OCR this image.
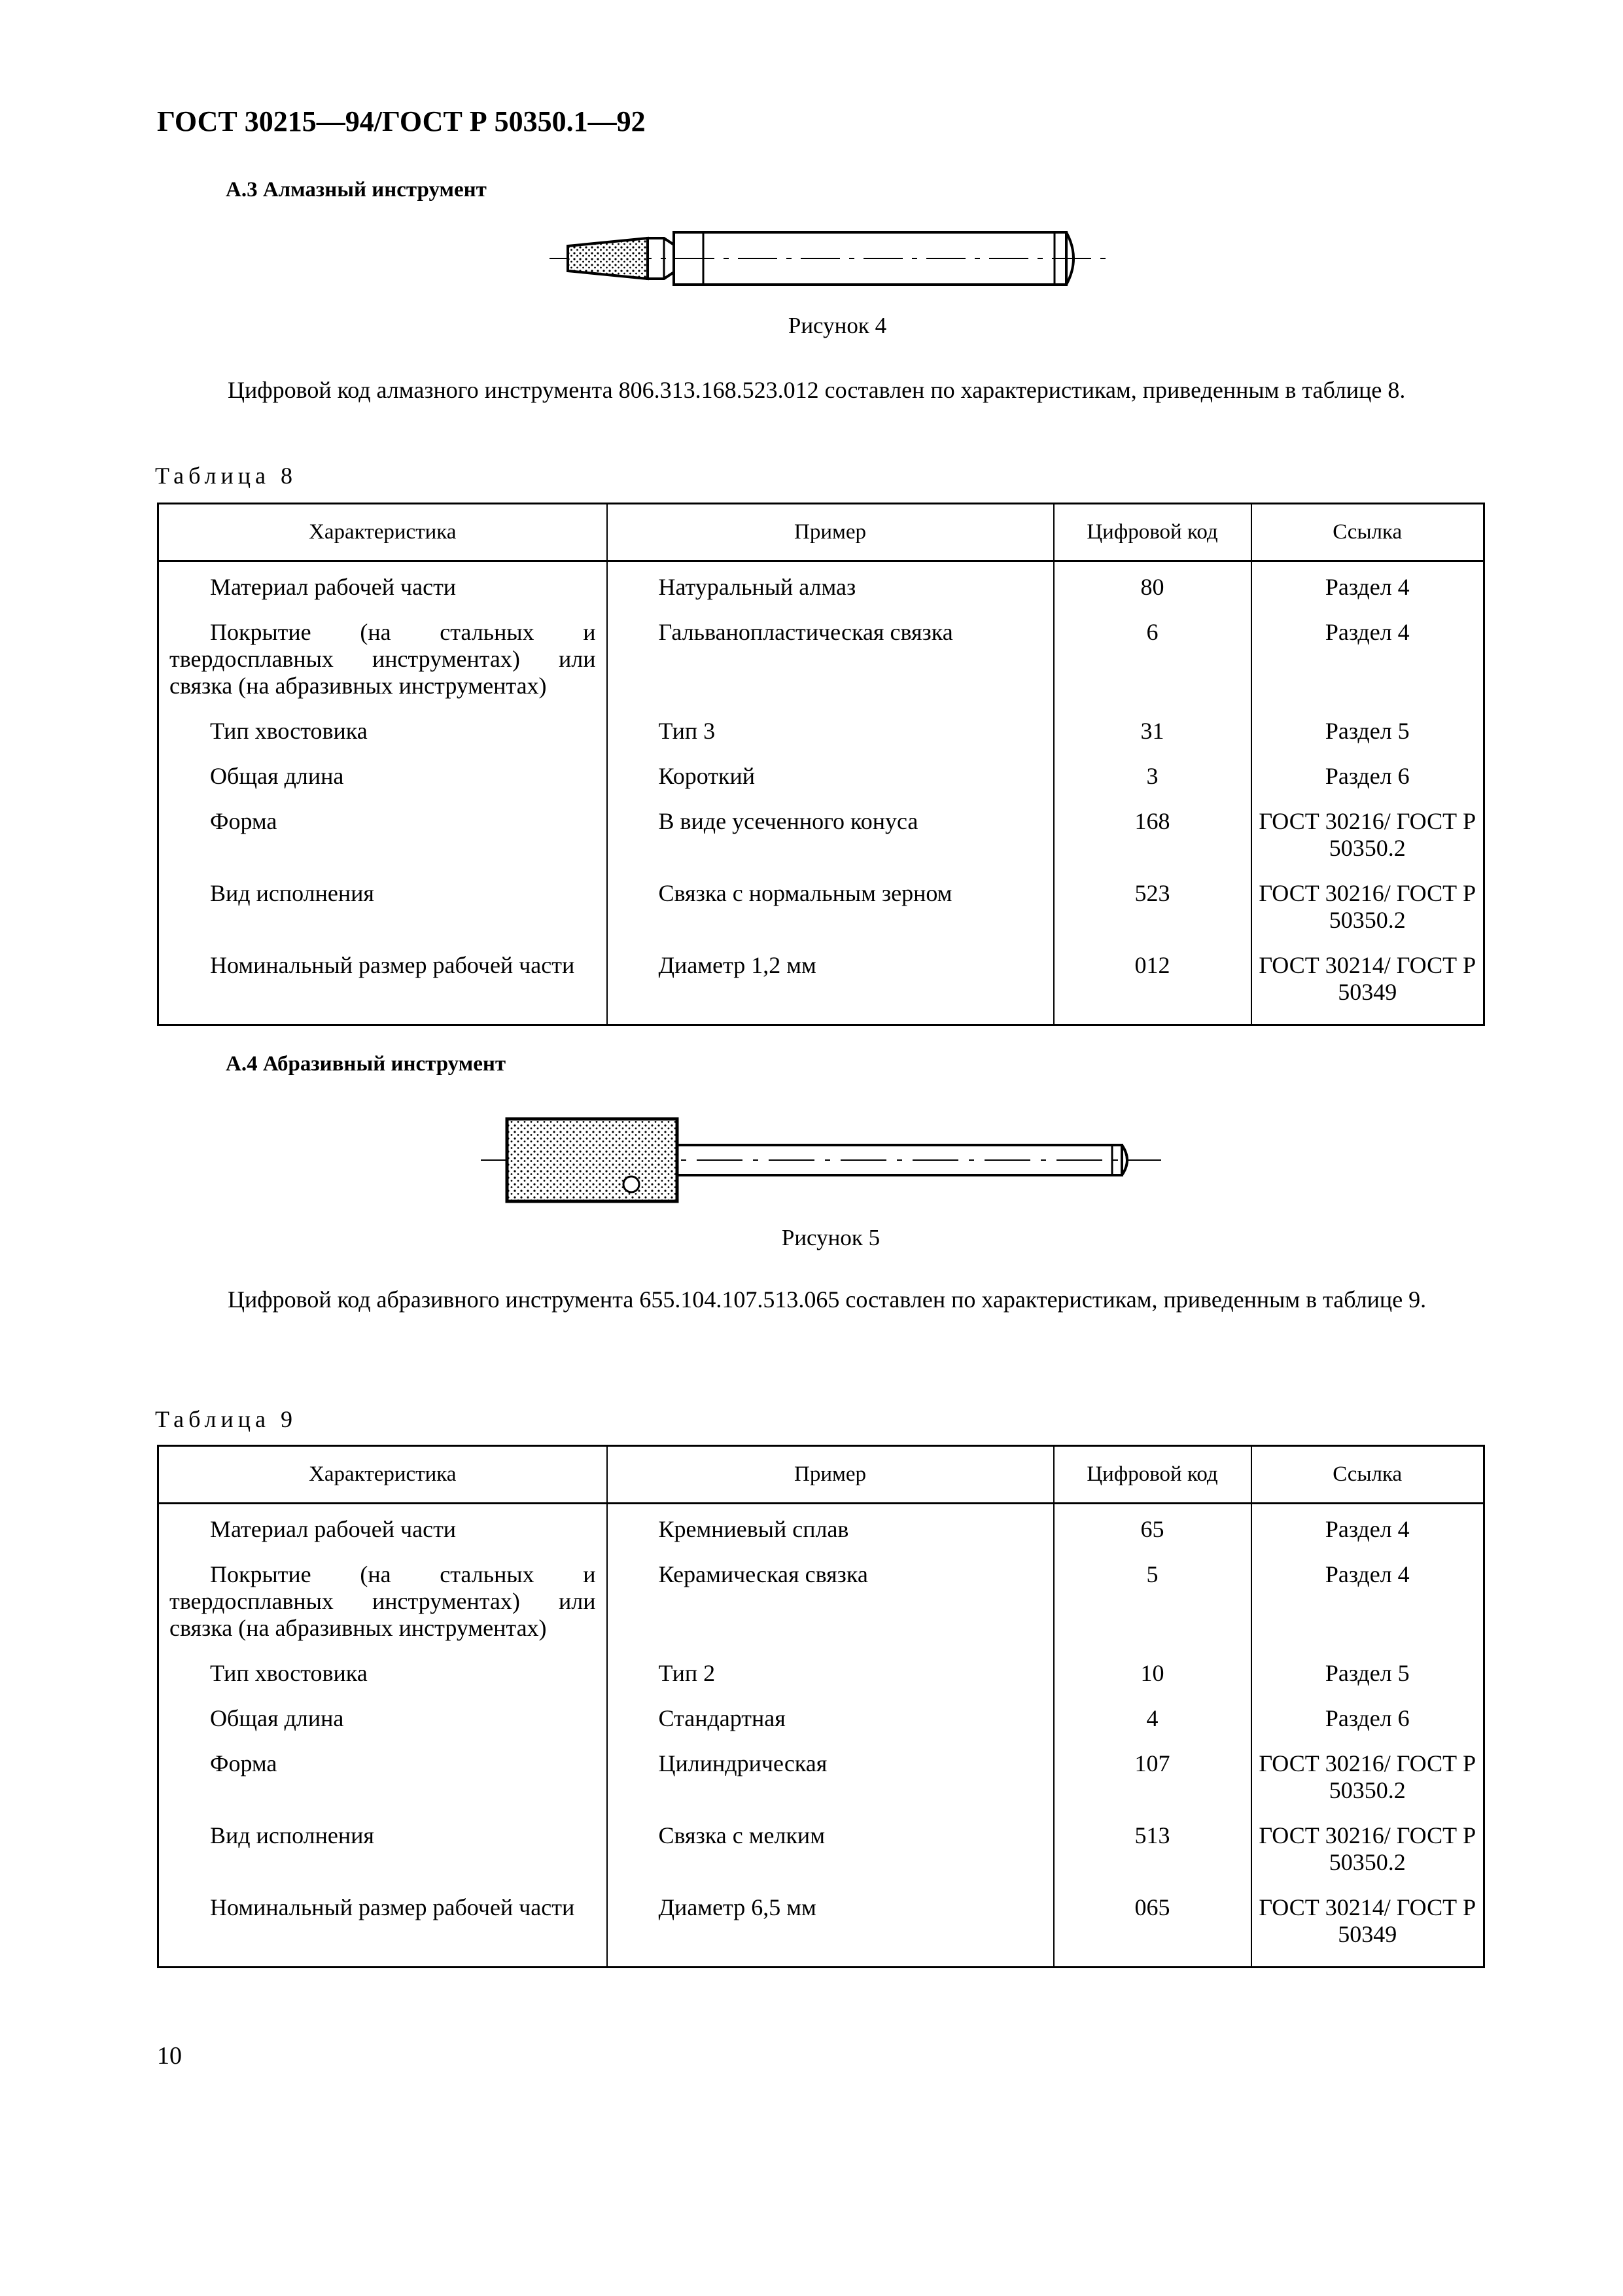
ГОСТ 30215—94/ГОСТ Р 50350.1—92
А.3 Алмазный инструмент
Рисунок 4
Цифровой код алмазного инструмента 806.313.168.523.012 составлен по характеристикам, приведенным в таблице 8.
Таблица 8
Характеристика	Пример	Цифровой код	Ссылка
Материал рабочей части	Натуральный алмаз	80	Раздел 4
Покрытие (на стальных и твердосплавных инструментах) или связка (на абразивных инструментах)	Гальванопластическая связка	6	Раздел 4
Тип хвостовика	Тип 3	31	Раздел 5
Общая длина	Короткий	3	Раздел 6
Форма	В виде усеченного конуса	168	ГОСТ 30216/ ГОСТ Р 50350.2
Вид исполнения	Связка с нормальным зерном	523	ГОСТ 30216/ ГОСТ Р 50350.2
Номинальный размер рабочей части	Диаметр 1,2 мм	012	ГОСТ 30214/ ГОСТ Р 50349
А.4 Абразивный инструмент
Рисунок 5
Цифровой код абразивного инструмента 655.104.107.513.065 составлен по характеристикам, приведенным в таблице 9.
Таблица 9
Характеристика	Пример	Цифровой код	Ссылка
Материал рабочей части	Кремниевый сплав	65	Раздел 4
Покрытие (на стальных и твердосплавных инструментах) или связка (на абразивных инструментах)	Керамическая связка	5	Раздел 4
Тип хвостовика	Тип 2	10	Раздел 5
Общая длина	Стандартная	4	Раздел 6
Форма	Цилиндрическая	107	ГОСТ 30216/ ГОСТ Р 50350.2
Вид исполнения	Связка с мелким	513	ГОСТ 30216/ ГОСТ Р 50350.2
Номинальный размер рабочей части	Диаметр 6,5 мм	065	ГОСТ 30214/ ГОСТ Р 50349
10
